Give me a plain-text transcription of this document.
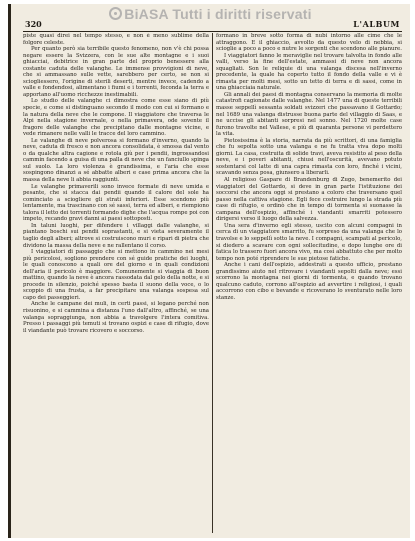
BiASA Tutti i diritti riservati
320	L'ALBUM

piste quasi direi nel tempo stesso, e non è meno sublime della folgore celeste.

Per quanto però sia terribile questo fenomeno, non v'è chi possa negare essere la Svizzera, con le sue alte montagne e i suoi ghiacciai, debitrice in gran parte del proprio benessere alla costante caduta delle valanghe. Le immense provvigioni di neve, che si ammassano sulle vette, sarebbero per certo, se non si sciogliessero, l'origine di sterili deserti, mentre invece, cadendo a valle e fondendosi, alimentano i fiumi e i torrenti, feconda la terra e apportano all'uomo ricchezze inestimabili.

Lo studio delle valanghe ci dimostra come esse siano di più specie, e come si distinguano secondo il modo con cui si formano e la natura della neve che le compone. Il viaggiatore che traversa le Alpi nella stagione invernale, o nella primavera, ode sovente il fragore delle valanghe che precipitano dalle montagne vicine, e vede rimanere nelle valli le tracce del loro cammino.

Le valanghe di neve polverosa si formano d'inverno, quando la neve, caduta di fresco e non ancora consolidata, è smossa dal vento o da qualche altra cagione e rotola giù per i pendii, ingrossandosi cammin facendo a guisa di una palla di neve che un fanciullo spinga sul suolo. La loro violenza è grandissima, e l'aria che esse sospingono dinanzi a sé abbatte alberi e case prima ancora che la massa della neve li abbia raggiunti.

Le valanghe primaverili sono invece formate di neve umida e pesante, che si stacca dai pendii quando il calore del sole ha cominciato a sciogliere gli strati inferiori. Esse scendono più lentamente, ma trascinano con sé sassi, terra ed alberi, e riempiono talora il letto dei torrenti formando dighe che l'acqua rompe poi con impeto, recando gravi danni ai paesi sottoposti.

In taluni luoghi, per difendere i villaggi dalle valanghe, si piantano boschi sui pendii soprastanti, e si vieta severamente il taglio degli alberi; altrove si costruiscono muri e ripari di pietra che dividono la massa della neve e ne rallentano il corso.

I viaggiatori di passaggio che si mettono in cammino nei mesi più pericolosi, sogliono prendere con sé guide pratiche dei luoghi, le quali conoscono a quali ore del giorno e in quali condizioni dell'aria il pericolo è maggiore. Comunemente si viaggia di buon mattino, quando la neve è ancora rassodata dal gelo della notte, e si procede in silenzio, poiché spesso basta il suono della voce, o lo scoppio di una frusta, a far precipitare una valanga sospesa sul capo dei passeggieri.

Anche le campane dei muli, in certi passi, si legano perché non risuonino, e si cammina a distanza l'uno dall'altro, affinché, se una valanga sopraggiunga, non abbia a travolgere l'intera comitiva. Presso i passaggi più temuti si trovano ospizi e case di rifugio, dove il viandante può trovare ricovero e soccorso.

formano in breve sotto forma di nubi intorno alle cime che le attraggono. E il ghiaccio, avvolto da questo velo di nebbia, si scioglie a poco a poco e nutre le sorgenti che scendono alle pianure.

I viaggiatori fanno le meraviglie nel trovare talvolta in fondo alle valli, verso la fine dell'estate, ammassi di neve non ancora squagliati. Son le reliquie di una valanga discesa nell'inverno precedente, la quale ha coperto tutto il fondo della valle e vi è rimasta per molti mesi, sotto un tetto di terra e di sassi, come in una ghiacciaia naturale.

Gli annali dei paesi di montagna conservano la memoria di molte catastrofi cagionate dalle valanghe. Nel 1477 una di queste terribili masse seppellì sessanta soldati svizzeri che passavano il Gottardo; nel 1689 una valanga distrusse buona parte del villaggio di Saas, e ne uccise gli abitanti sorpresi nel sonno. Nel 1720 molte case furono travolte nel Vallese, e più di quaranta persone vi perdettero la vita.

Pietosissima è la storia, narrata da più scrittori, di una famiglia che fu sepolta sotto una valanga e ne fu tratta viva dopo molti giorni. La casa, costruita di solide travi, aveva resistito al peso della neve, e i poveri abitanti, chiusi nell'oscurità, avevano potuto sostentarsi col latte di una capra rimasta con loro, finché i vicini, scavando senza posa, giunsero a liberarli.

Al religioso Gaspare di Brandenburg di Zugo, benemerito dei viaggiatori del Gottardo, si deve in gran parte l'istituzione dei soccorsi che ancora oggi si prestano a coloro che traversano quel passo nella cattiva stagione. Egli fece costruire lungo la strada più case di rifugio, e ordinò che in tempo di tormenta si suonasse la campana dell'ospizio, affinché i viandanti smarriti potessero dirigersi verso il luogo della salvezza.

Una sera d'inverno egli stesso, uscito con alcuni compagni in cerca di un viaggiatore smarrito, fu sorpreso da una valanga che lo travolse e lo seppellì sotto la neve. I compagni, scampati al pericolo, si diedero a scavare con ogni sollecitudine, e dopo lunghe ore di fatica lo trassero fuori ancora vivo, ma così abbattuto che per molto tempo non poté riprendere le sue pietose fatiche.

Anche i cani dell'ospizio, addestrati a questo ufficio, prestano grandissimo aiuto nel ritrovare i viandanti sepolti dalla neve; essi scorrono la montagna nei giorni di tormenta, e quando trovano qualcuno caduto, corrono all'ospizio ad avvertire i religiosi, i quali accorrono con cibo e bevande e ricoverano lo sventurato nelle loro stanze.
